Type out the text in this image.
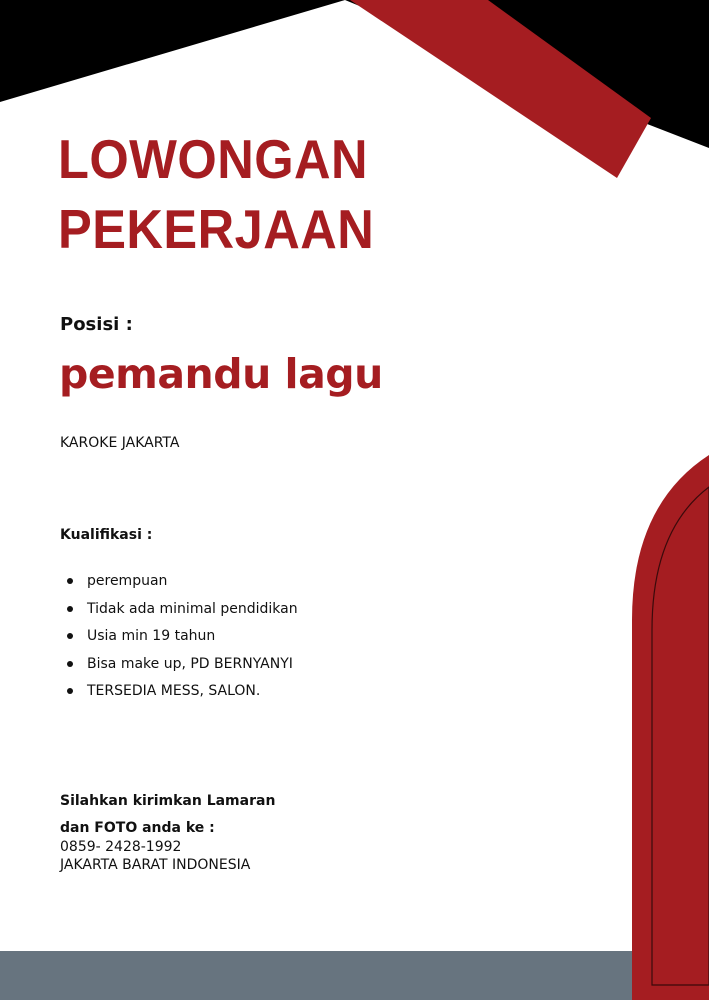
LOWONGAN
PEKERJAAN
Posisi :
pemandu lagu
KAROKE JAKARTA
Kualifikasi :
perempuan
Tidak ada minimal pendidikan
Usia min 19 tahun
Bisa make up, PD BERNYANYI
TERSEDIA MESS, SALON.
Silahkan kirimkan Lamaran
dan FOTO anda ke :
0859- 2428-1992
JAKARTA BARAT INDONESIA
